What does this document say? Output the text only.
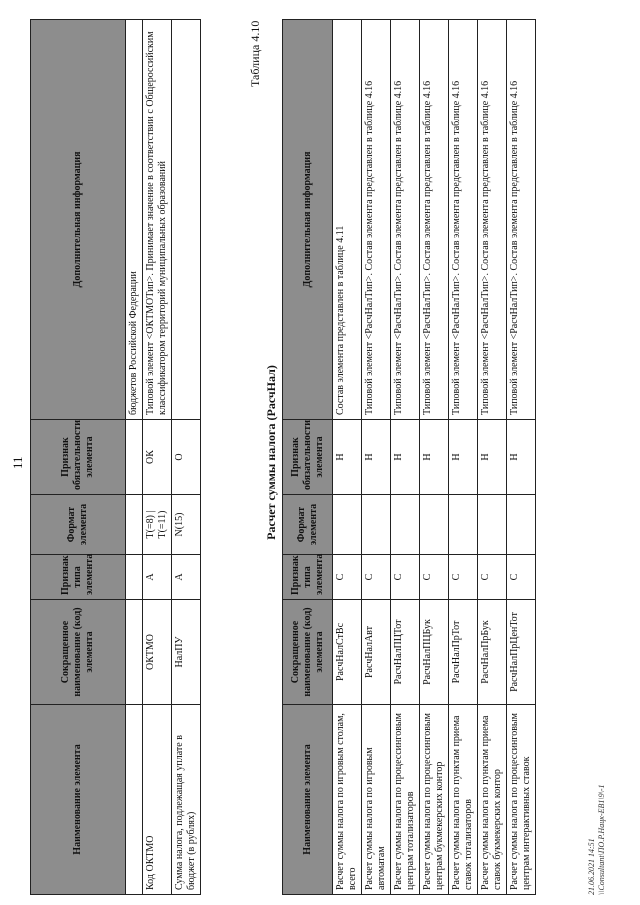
11
Наименование элемента	Сокращенное наименование (код) элемента	Признак типа элемента	Формат элемента	Признак обязательности элемента	Дополнительная информация
					бюджетов Российской Федерации
Код ОКТМО	ОКТМО	А	T(=8) | T(=11)	ОК	Типовой элемент <ОКТМОТип>. Принимает значение в соответствии с Общероссийским классификатором территорий муниципальных образований
Сумма налога, подлежащая уплате в бюджет (в рублях)	НалПУ	А	N(15)	О	
Таблица 4.10
Расчет суммы налога (РасчНал)
Наименование элемента	Сокращенное наименование (код) элемента	Признак типа элемента	Формат элемента	Признак обязательности элемента	Дополнительная информация
Расчет суммы налога по игровым столам, всего	РасчНалСтВс	С		Н	Состав элемента представлен в таблице 4.11
Расчет суммы налога по игровым автоматам	РасчНалАвт	С		Н	Типовой элемент <РасчНалТип>. Состав элемента представлен в таблице 4.16
Расчет суммы налога по процессинговым центрам тотализаторов	РасчНалПЦТот	С		Н	Типовой элемент <РасчНалТип>. Состав элемента представлен в таблице 4.16
Расчет суммы налога по процессинговым центрам букмекерских контор	РасчНалПЦБук	С		Н	Типовой элемент <РасчНалТип>. Состав элемента представлен в таблице 4.16
Расчет суммы налога по пунктам приема ставок тотализаторов	РасчНалПрТот	С		Н	Типовой элемент <РасчНалТип>. Состав элемента представлен в таблице 4.16
Расчет суммы налога по пунктам приема ставок букмекерских контор	РасчНалПрБук	С		Н	Типовой элемент <РасчНалТип>. Состав элемента представлен в таблице 4.16
Расчет суммы налога по процессинговым центрам интерактивных ставок	РасчНалПрЦенТот	С		Н	Типовой элемент <РасчНалТип>. Состав элемента представлен в таблице 4.16
21.06.2021 14:51 \\Consultant\ПО.Р.Нацк-ЕВ1\9\-1
